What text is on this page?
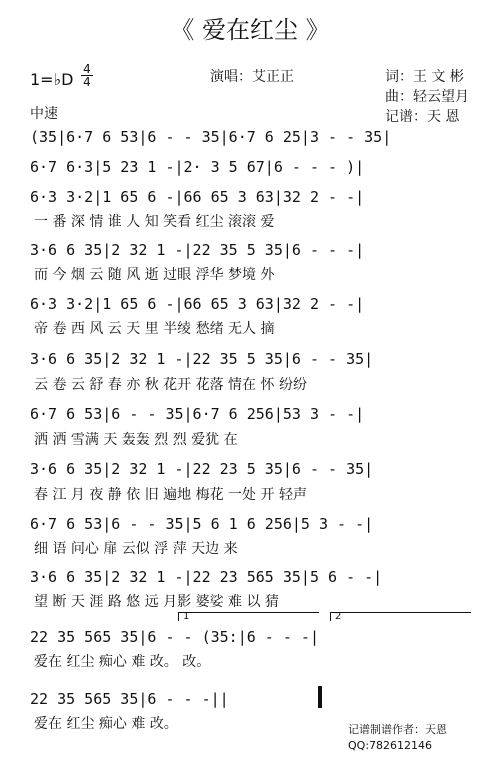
《 爱在红尘 》
1=♭D
4
4	演唱：艾正正	词：王 文 彬
曲：轻云望月
记谱：天 恩
中速
(35|6·7 6 53|6 - - 35|6·7 6 25|3 - - 35|
6·7 6·3|5 23 1 -|2· 3 5 67|6 - - - )|
6·3 3·2|1 65 6 -|66 65 3 63|32 2 - -|
一 番 深 情 谁 人 知 笑看 红尘 滚滚 爱
3·6 6 35|2 32 1 -|22 35 5 35|6 - - -|
而 今 烟 云 随 风 逝 过眼 浮华 梦境 外
6·3 3·2|1 65 6 -|66 65 3 63|32 2 - -|
帝 卷 西 风 云 天 里 半绫 愁绪 无人 摘
3·6 6 35|2 32 1 -|22 35 5 35|6 - - 35|
云 卷 云 舒 春 亦 秋 花开 花落 情在 怀 纷纷
6·7 6 53|6 - - 35|6·7 6 256|53 3 - -|
洒 洒 雪满 天 轰轰 烈 烈 爱犹 在
3·6 6 35|2 32 1 -|22 23 5 35|6 - - 35|
春 江 月 夜 静 依 旧 遍地 梅花 一处 开 轻声
6·7 6 53|6 - - 35|5 6 1 6 256|5 3 - -|
细 语 问心 扉 云似 浮 萍 天边 来
3·6 6 35|2 32 1 -|22 23 565 35|5 6 - -|
望 断 天 涯 路 悠 远 月影 婆娑 难 以 猜
1	2
22 35 565 35|6 - - (35:|6 - - -|
爱在 红尘 痴心 难 改。 改。
22 35 565 35|6 - - -||
爱在 红尘 痴心 难 改。	记谱制谱作者：天恩
QQ:782612146
